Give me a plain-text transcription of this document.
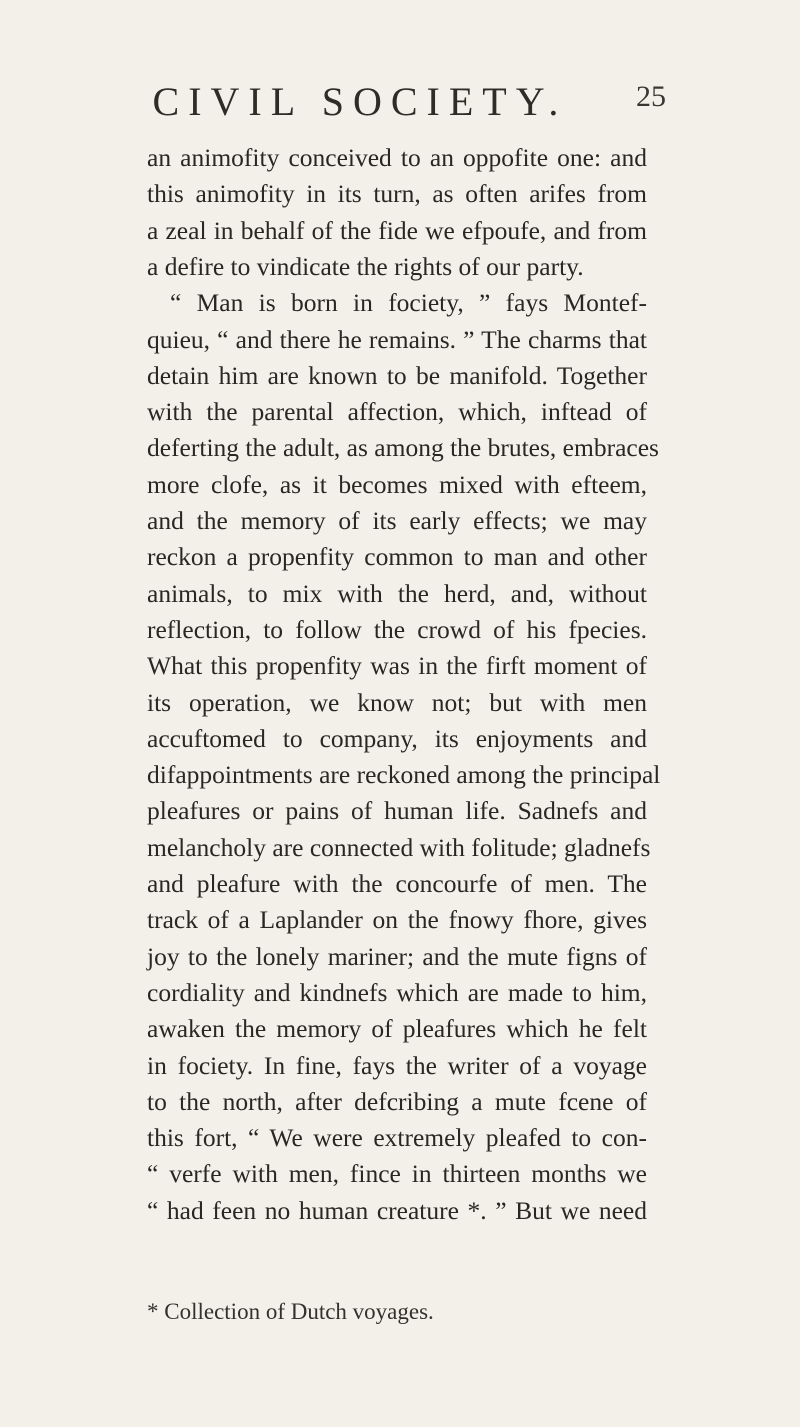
CIVIL SOCIETY.	25
an animofity conceived to an oppofite one: and
this animofity in its turn, as often arifes from
a zeal in behalf of the fide we efpoufe, and from
a defire to vindicate the rights of our party.
“ Man is born in fociety, ” fays Montef-
quieu, “ and there he remains. ” The charms that
detain him are known to be manifold. Together
with the parental affection, which, inftead of
deferting the adult, as among the brutes, embraces
more clofe, as it becomes mixed with efteem,
and the memory of its early effects; we may
reckon a propenfity common to man and other
animals, to mix with the herd, and, without
reflection, to follow the crowd of his fpecies.
What this propenfity was in the firft moment of
its operation, we know not; but with men
accuftomed to company, its enjoyments and
difappointments are reckoned among the principal
pleafures or pains of human life. Sadnefs and
melancholy are connected with folitude; gladnefs
and pleafure with the concourfe of men. The
track of a Laplander on the fnowy fhore, gives
joy to the lonely mariner; and the mute figns of
cordiality and kindnefs which are made to him,
awaken the memory of pleafures which he felt
in fociety. In fine, fays the writer of a voyage
to the north, after defcribing a mute fcene of
this fort, “ We were extremely pleafed to con-
“ verfe with men, fince in thirteen months we
“ had feen no human creature *. ” But we need
* Collection of Dutch voyages.
